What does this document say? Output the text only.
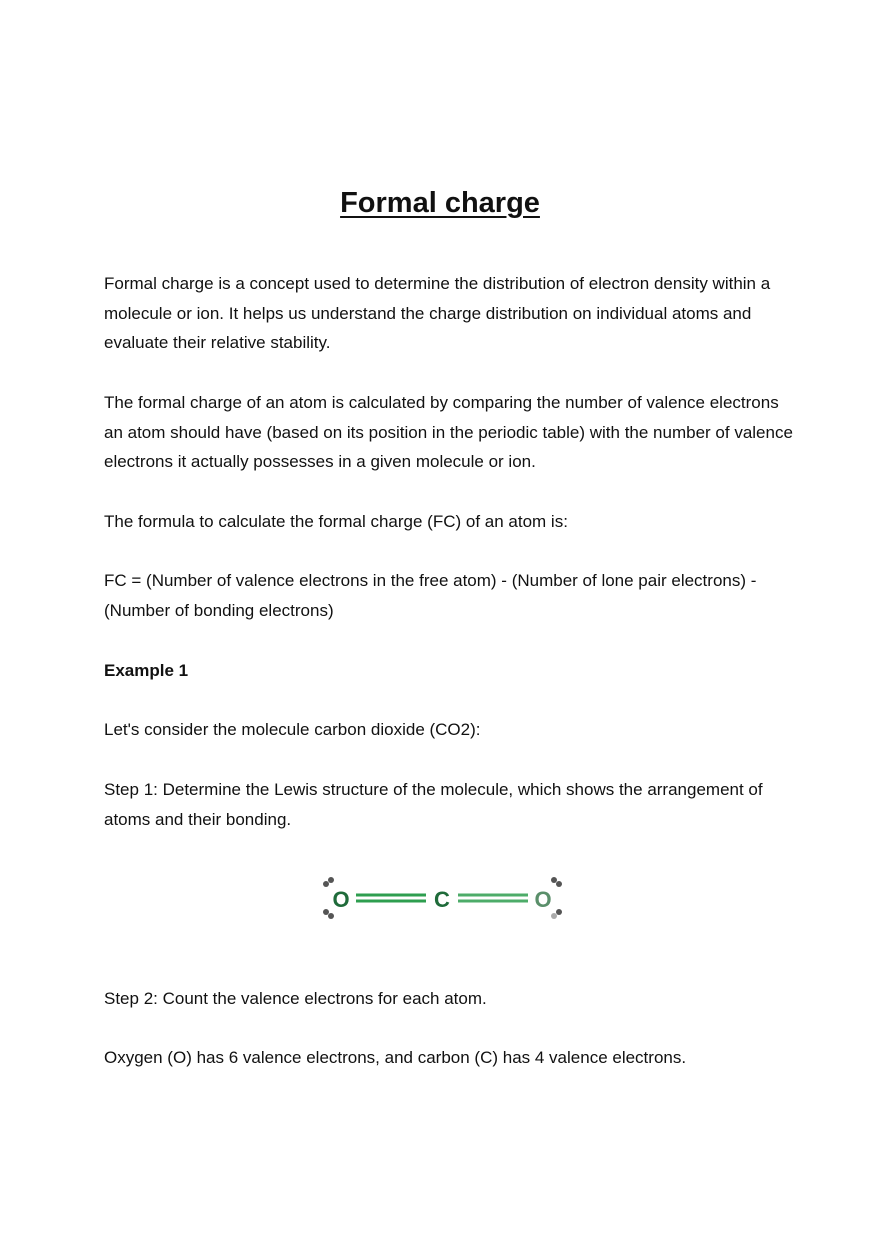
Formal charge

Formal charge is a concept used to determine the distribution of electron density within a molecule or ion. It helps us understand the charge distribution on individual atoms and evaluate their relative stability.

The formal charge of an atom is calculated by comparing the number of valence electrons an atom should have (based on its position in the periodic table) with the number of valence electrons it actually possesses in a given molecule or ion.

The formula to calculate the formal charge (FC) of an atom is:

FC = (Number of valence electrons in the free atom) - (Number of lone pair electrons) - (Number of bonding electrons)

Example 1

Let's consider the molecule carbon dioxide (CO2):

Step 1: Determine the Lewis structure of the molecule, which shows the arrangement of atoms and their bonding.

O	C	O

Step 2: Count the valence electrons for each atom.

Oxygen (O) has 6 valence electrons, and carbon (C) has 4 valence electrons.
